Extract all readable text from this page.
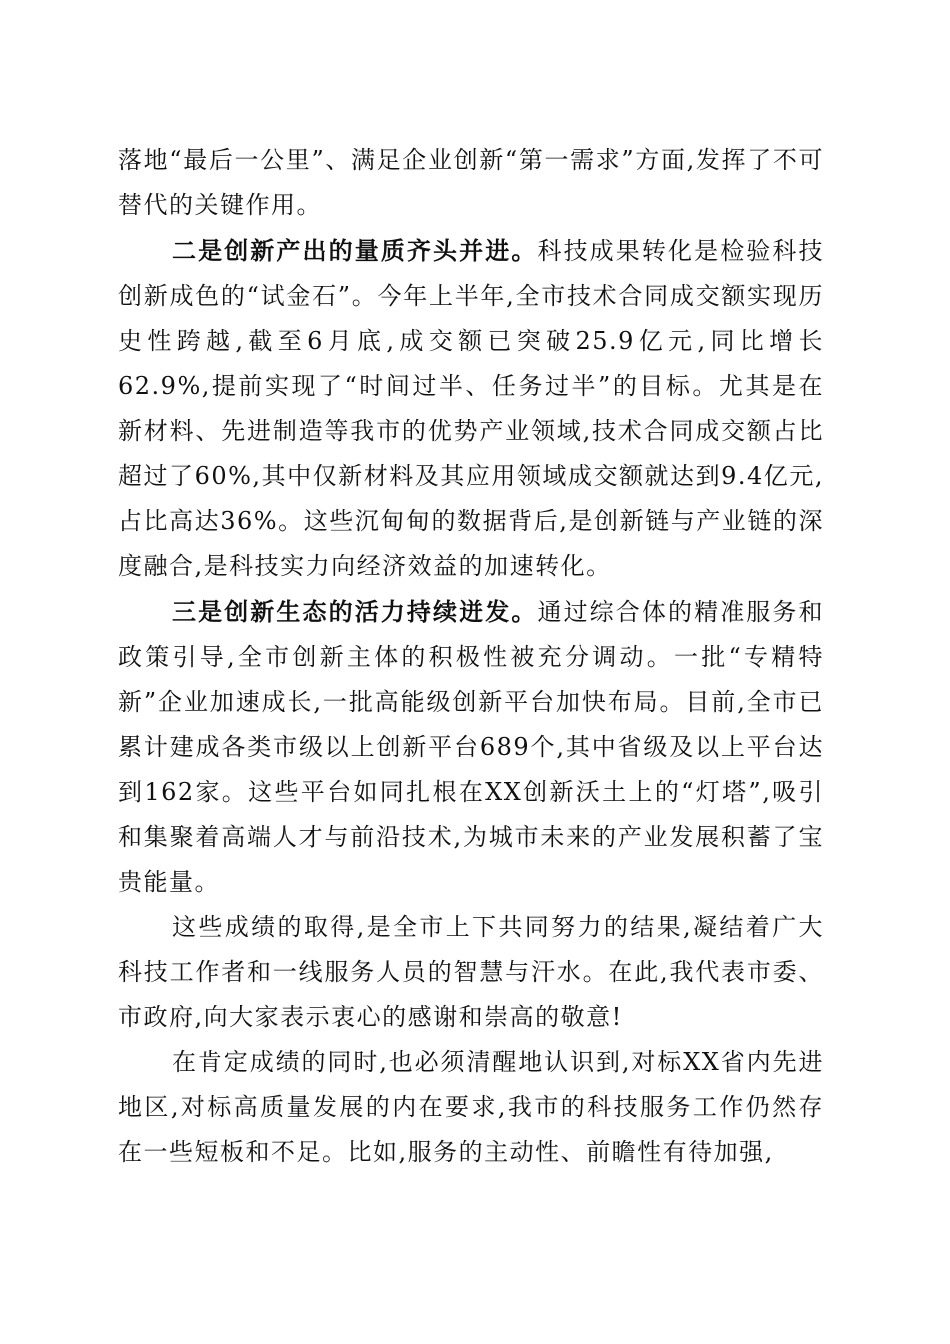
落地“最后一公里”、满足企业创新“第一需求”方面,发挥了不可替代的关键作用。

二是创新产出的量质齐头并进。科技成果转化是检验科技创新成色的“试金石”。今年上半年,全市技术合同成交额实现历史性跨越,截至6月底,成交额已突破25.9亿元,同比增长62.9%,提前实现了“时间过半、任务过半”的目标。尤其是在新材料、先进制造等我市的优势产业领域,技术合同成交额占比超过了60%,其中仅新材料及其应用领域成交额就达到9.4亿元,占比高达36%。这些沉甸甸的数据背后,是创新链与产业链的深度融合,是科技实力向经济效益的加速转化。

三是创新生态的活力持续迸发。通过综合体的精准服务和政策引导,全市创新主体的积极性被充分调动。一批“专精特新”企业加速成长,一批高能级创新平台加快布局。目前,全市已累计建成各类市级以上创新平台689个,其中省级及以上平台达到162家。这些平台如同扎根在XX创新沃土上的“灯塔”,吸引和集聚着高端人才与前沿技术,为城市未来的产业发展积蓄了宝贵能量。

这些成绩的取得,是全市上下共同努力的结果,凝结着广大科技工作者和一线服务人员的智慧与汗水。在此,我代表市委、市政府,向大家表示衷心的感谢和崇高的敬意!

在肯定成绩的同时,也必须清醒地认识到,对标XX省内先进地区,对标高质量发展的内在要求,我市的科技服务工作仍然存在一些短板和不足。比如,服务的主动性、前瞻性有待加强,
